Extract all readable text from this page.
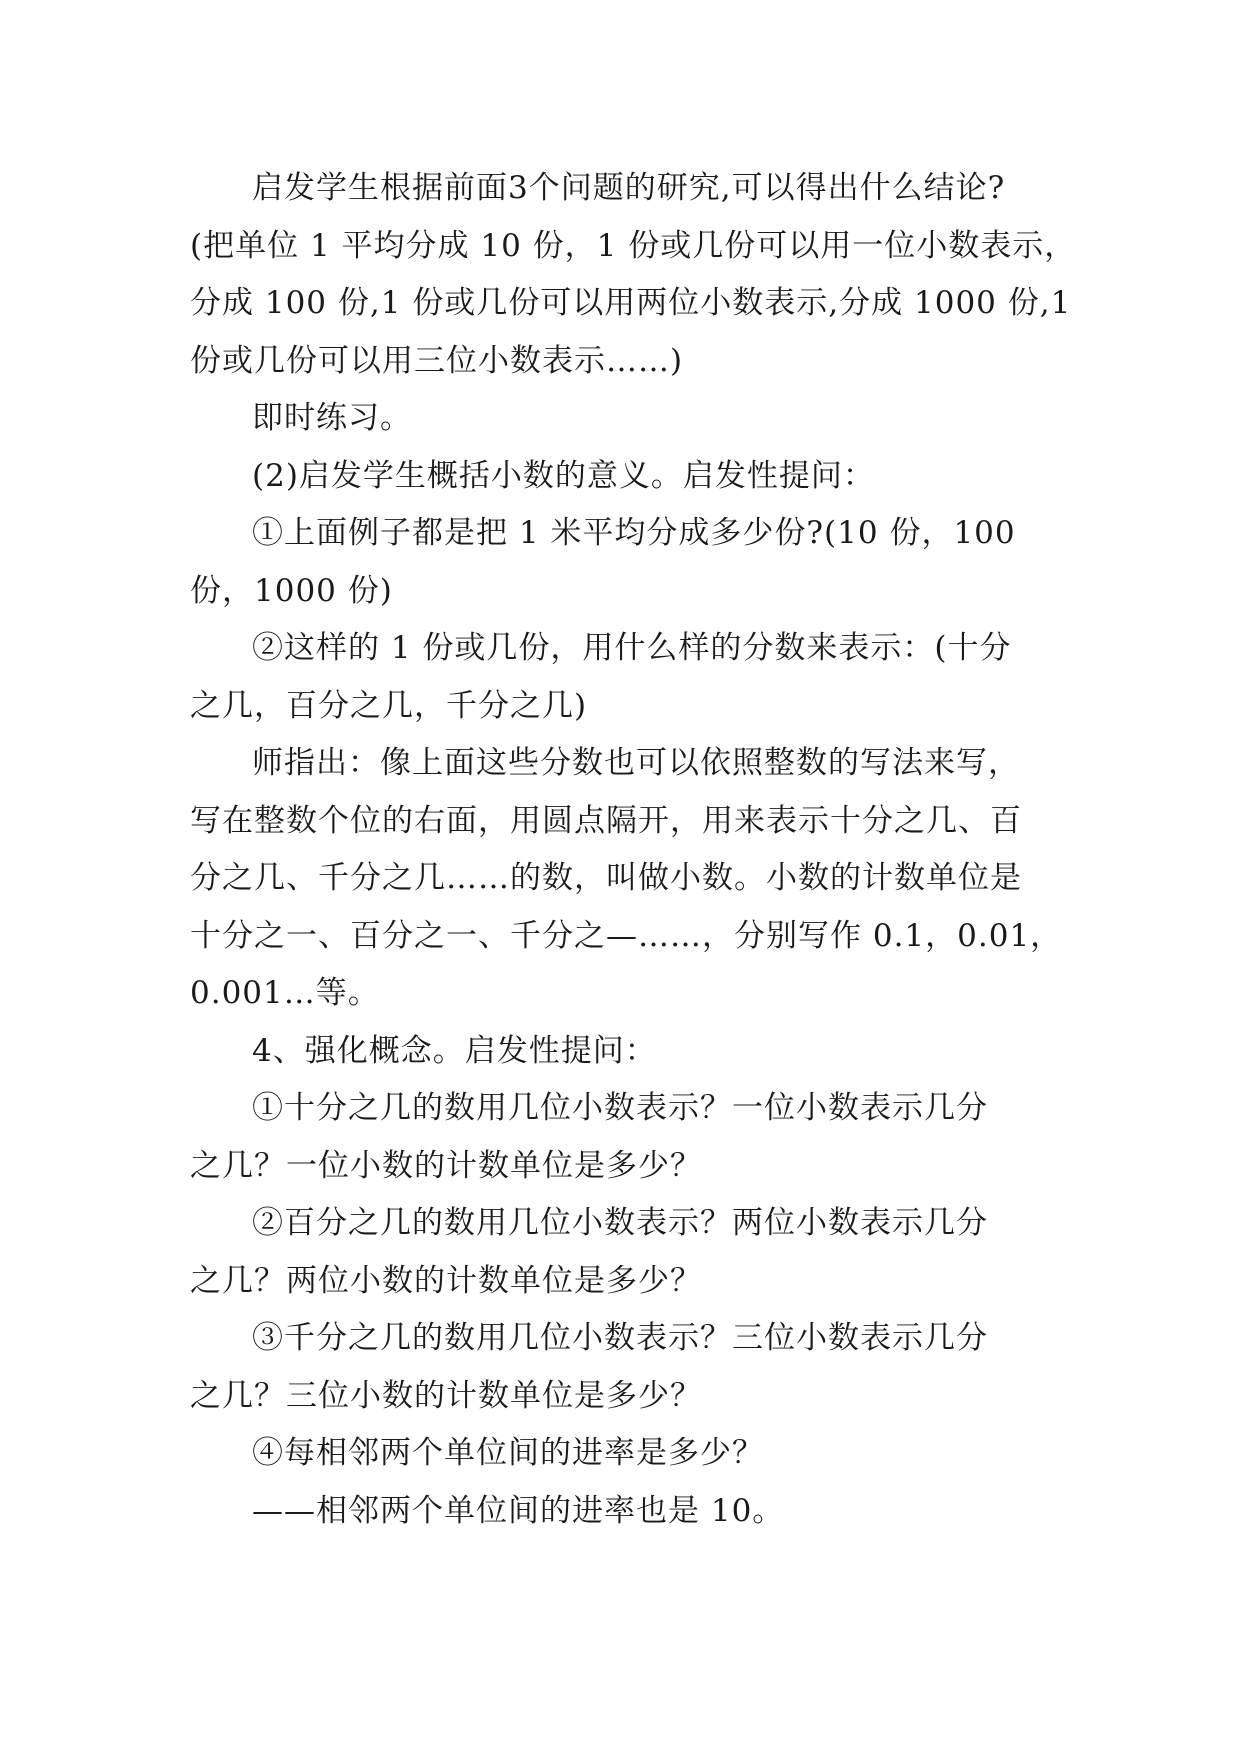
启发学生根据前面3个问题的研究,可以得出什么结论?
(把单位 1 平均分成 10 份，1 份或几份可以用一位小数表示，
分成 100 份,1 份或几份可以用两位小数表示,分成 1000 份,1
份或几份可以用三位小数表示……)
即时练习。
(2)启发学生概括小数的意义。启发性提问：
①上面例子都是把 1 米平均分成多少份?(10 份，100
份，1000 份)
②这样的 1 份或几份，用什么样的分数来表示：(十分
之几，百分之几，千分之几)
师指出：像上面这些分数也可以依照整数的写法来写，
写在整数个位的右面，用圆点隔开，用来表示十分之几、百
分之几、千分之几……的数，叫做小数。小数的计数单位是
十分之一、百分之一、千分之—……，分别写作 0.1，0.01，
0.001…等。
4、强化概念。启发性提问：
①十分之几的数用几位小数表示？一位小数表示几分
之几？一位小数的计数单位是多少？
②百分之几的数用几位小数表示？两位小数表示几分
之几？两位小数的计数单位是多少？
③千分之几的数用几位小数表示？三位小数表示几分
之几？三位小数的计数单位是多少？
④每相邻两个单位间的进率是多少？
——相邻两个单位间的进率也是 10。
